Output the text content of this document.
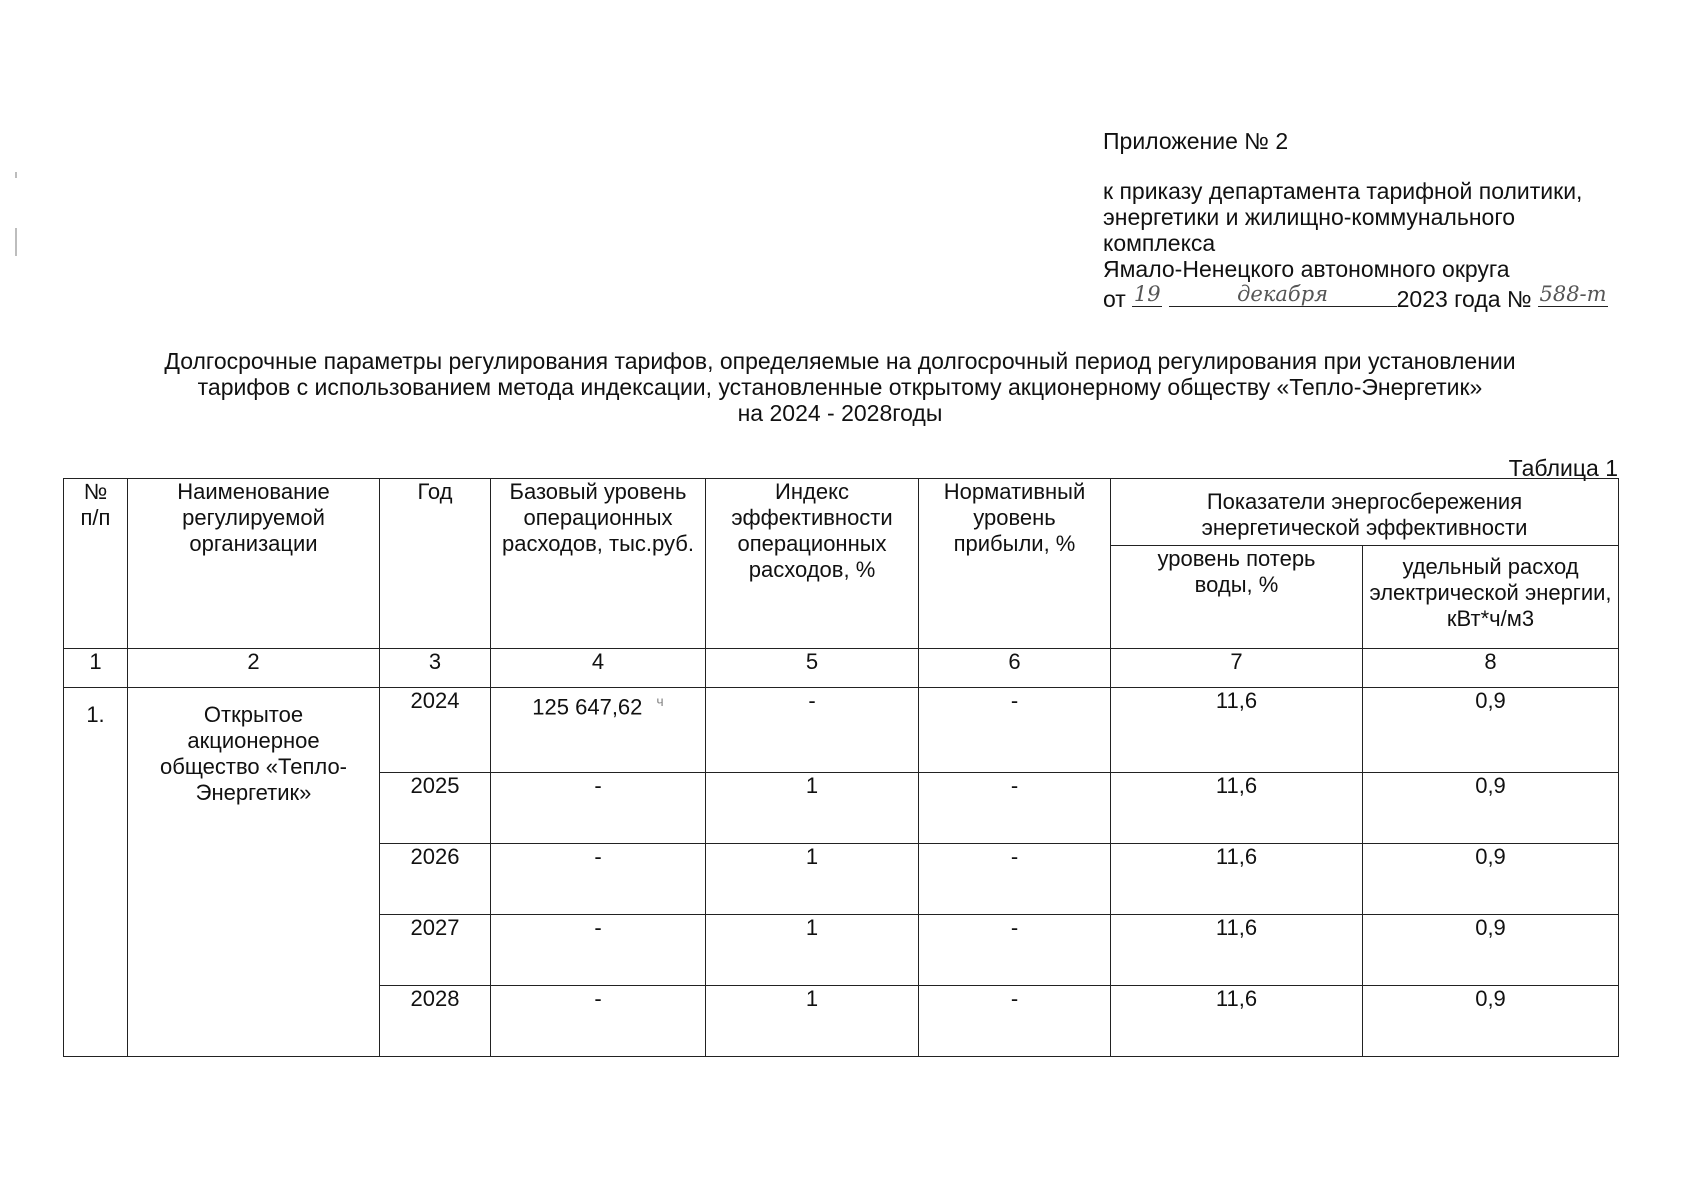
Приложение № 2
к приказу департамента тарифной политики,
энергетики и жилищно-коммунального
комплекса
Ямало-Ненецкого автономного округа
от 19
	декабря	2023 года № 588-т
Долгосрочные параметры регулирования тарифов, определяемые на долгосрочный период регулирования при установлении
тарифов с использованием метода индексации, установленные открытому акционерному обществу «Тепло-Энергетик»
на 2024 - 2028годы
Таблица 1
№ п/п	Наименование регулируемой организации	Год	Базовый уровень операционных расходов, тыс.руб.	Индекс эффективности операционных расходов, %	Нормативный уровень прибыли, %	Показатели энергосбережения энергетической эффективности	
						уровень потерь воды, %	удельный расход электрической энергии, кВт*ч/м3
1	2	3	4	5	6	7	8
1.	Открытое акционерное общество «Тепло-Энергетик»	2024	125 647,62 $^ч$	-	-	11,6	0,9
		2025	-	1	-	11,6	0,9
		2026	-	1	-	11,6	0,9
		2027	-	1	-	11,6	0,9
		2028	-	1	-	11,6	0,9
